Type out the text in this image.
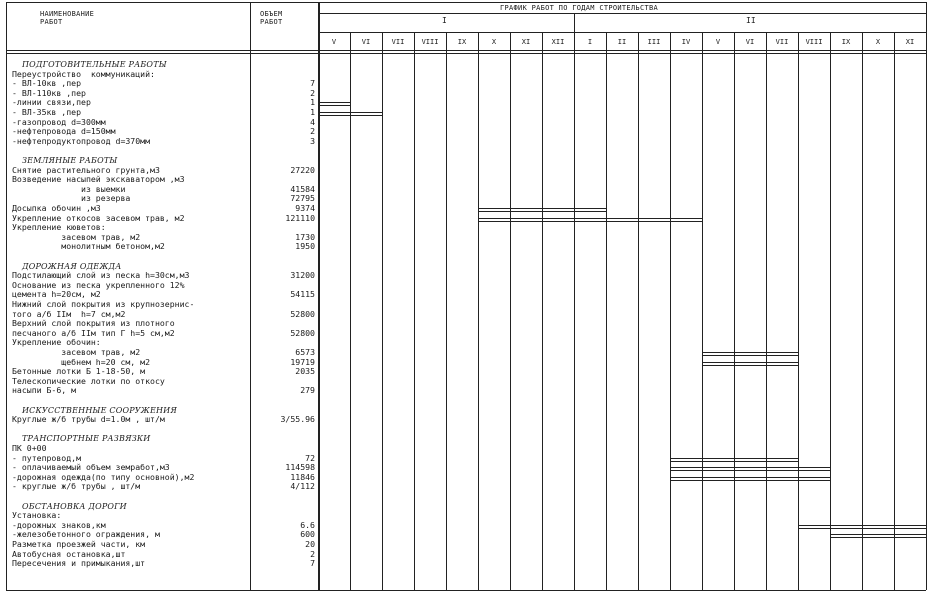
НАИМЕНОВАНИЕ
РАБОТ
ОБЪЕМ
РАБОТ
ГРАФИК РАБОТ ПО ГОДАМ СТРОИТЕЛЬСТВА
I	II
V	VI	VII	VIII	IX	X	XI	XII	I	II	III	IV	V	VI	VII	VIII	IX	X	XI
ПОДГОТОВИТЕЛЬНЫЕ РАБОТЫ
Переустройство  коммуникаций:
- ВЛ-10кв ,пер	7
- ВЛ-110кв ,пер	2
-линии связи,пер	1
- ВЛ-35кв ,пер	1
-газопровод d=300мм	4
-нефтепровода d=150мм	2
-нефтепродуктопровод d=370мм	3
ЗЕМЛЯНЫЕ РАБОТЫ
Снятие растительного грунта,м3	27220
Возведение насыпей экскаватором ,м3
из выемки	41584
из резерва	72795
Досыпка обочин ,м3	9374
Укрепление откосов засевом трав, м2	121110
Укрепление кюветов:
засевом трав, м2	1730
монолитным бетоном,м2	1950
ДОРОЖНАЯ ОДЕЖДА
Подстилающий слой из песка h=30см,м3	31200
Основание из песка укрепленного 12%
цемента h=20см, м2	54115
Нижний слой покрытия из крупнозернис-
того а/б IIм  h=7 см,м2	52800
Верхний слой покрытия из плотного
песчаного а/б IIм тип Г h=5 см,м2	52800
Укрепление обочин:
засевом трав, м2	6573
щебнем h=20 см, м2	19719
Бетонные лотки Б 1-18-50, м	2035
Телескопические лотки по откосу
насыпи Б-6, м	279
ИСКУССТВЕННЫЕ СООРУЖЕНИЯ
Круглые ж/б трубы d=1.0м , шт/м	3/55.96
ТРАНСПОРТНЫЕ РАЗВЯЗКИ
ПК 0+00
- путепровод,м	72
- оплачиваемый объем земработ,м3	114598
-дорожная одежда(по типу основной),м2	11846
- круглые ж/б трубы , шт/м	4/112
ОБСТАНОВКА ДОРОГИ
Установка:
-дорожных знаков,км	6.6
-железобетонного ограждения, м	600
Разметка проезжей части, км	20
Автобусная остановка,шт	2
Пересечения и примыкания,шт	7
